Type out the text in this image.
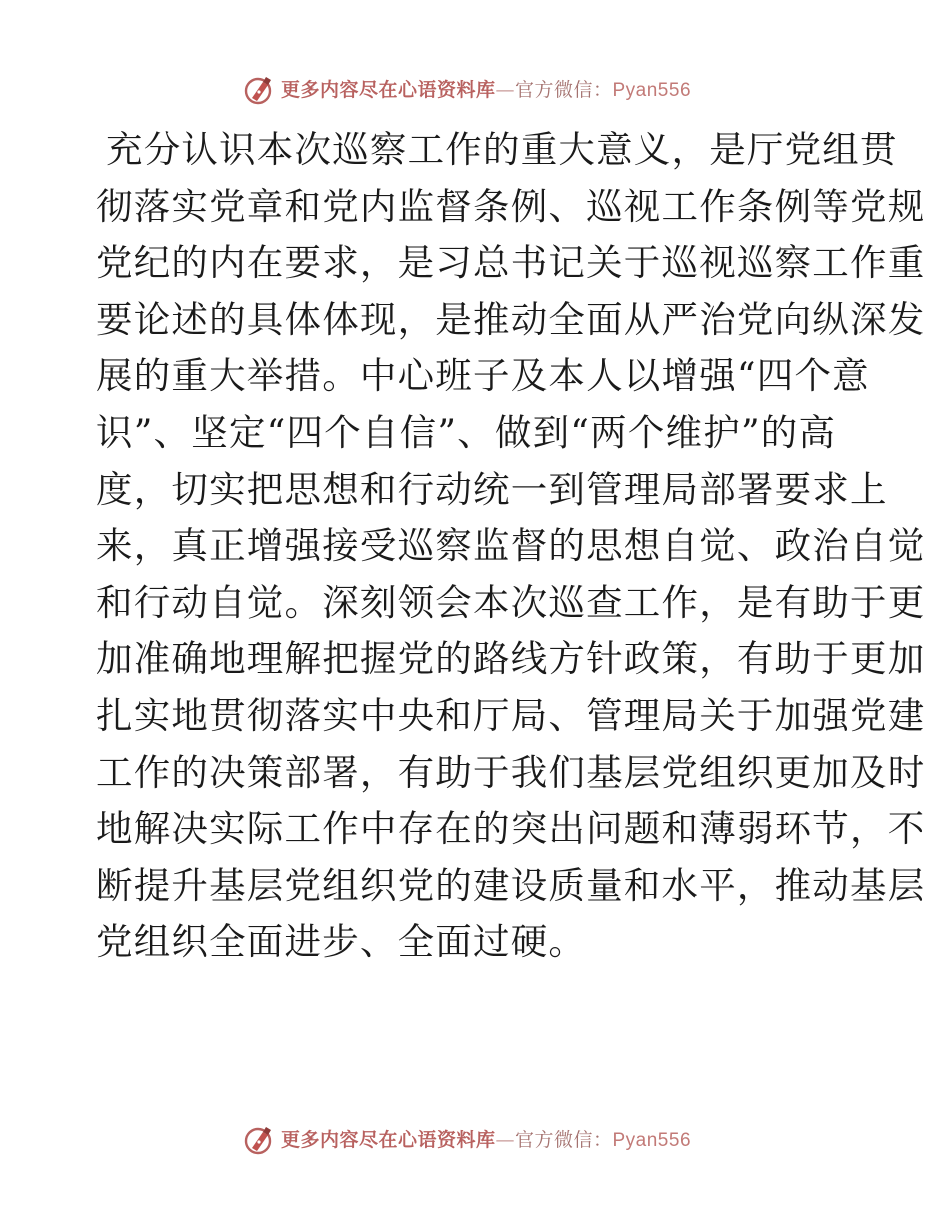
更多内容尽在心语资料库—官方微信：Pyan556
充分认识本次巡察工作的重大意义，是厅党组贯
彻落实党章和党内监督条例、巡视工作条例等党规
党纪的内在要求，是习总书记关于巡视巡察工作重
要论述的具体体现，是推动全面从严治党向纵深发
展的重大举措。中心班子及本人以增强“四个意
识”、坚定“四个自信”、做到“两个维护”的高
度，切实把思想和行动统一到管理局部署要求上
来，真正增强接受巡察监督的思想自觉、政治自觉
和行动自觉。深刻领会本次巡查工作，是有助于更
加准确地理解把握党的路线方针政策，有助于更加
扎实地贯彻落实中央和厅局、管理局关于加强党建
工作的决策部署，有助于我们基层党组织更加及时
地解决实际工作中存在的突出问题和薄弱环节，不
断提升基层党组织党的建设质量和水平，推动基层
党组织全面进步、全面过硬。
更多内容尽在心语资料库—官方微信：Pyan556
